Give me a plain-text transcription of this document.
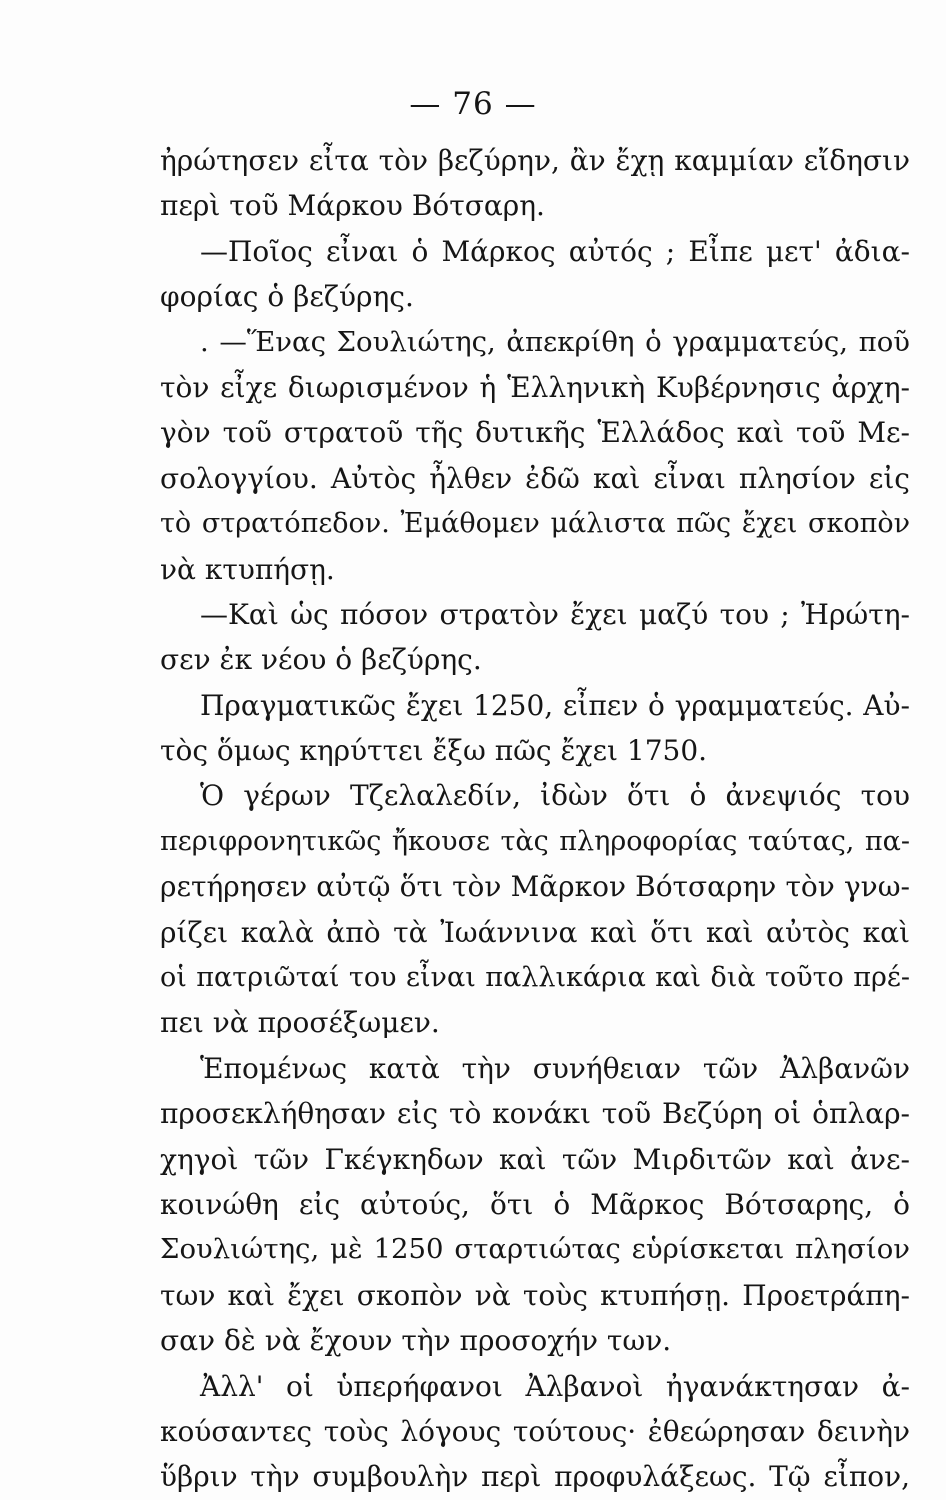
— 76 —
ἠρώτησεν εἶτα τὸν βεζύρην, ἂν ἔχῃ καμμίαν εἴδησιν
περὶ τοῦ Μάρκου Βότσαρη.
—Ποῖος εἶναι ὁ Μάρκος αὐτός ; Εἶπε μετ' ἀδια-
φορίας ὁ βεζύρης.
. —Ἕνας Σουλιώτης, ἀπεκρίθη ὁ γραμματεύς, ποῦ
τὸν εἶχε διωρισμένον ἡ Ἑλληνικὴ Κυβέρνησις ἀρχη-
γὸν τοῦ στρατοῦ τῆς δυτικῆς Ἑλλάδος καὶ τοῦ Με-
σολογγίου. Αὐτὸς ἦλθεν ἐδῶ καὶ εἶναι πλησίον εἰς
τὸ στρατόπεδον. Ἐμάθομεν μάλιστα πῶς ἔχει σκοπὸν
νὰ κτυπήσῃ.
—Καὶ ὡς πόσον στρατὸν ἔχει μαζύ του ; Ἠρώτη-
σεν ἐκ νέου ὁ βεζύρης.
Πραγματικῶς ἔχει 1250, εἶπεν ὁ γραμματεύς. Αὐ-
τὸς ὅμως κηρύττει ἔξω πῶς ἔχει 1750.
Ὁ γέρων Τζελαλεδίν, ἰδὼν ὅτι ὁ ἀνεψιός του
περιφρονητικῶς ἤκουσε τὰς πληροφορίας ταύτας, πα-
ρετήρησεν αὐτῷ ὅτι τὸν Μᾶρκον Βότσαρην τὸν γνω-
ρίζει καλὰ ἀπὸ τὰ Ἰωάννινα καὶ ὅτι καὶ αὐτὸς καὶ
οἱ πατριῶταί του εἶναι παλλικάρια καὶ διὰ τοῦτο πρέ-
πει νὰ προσέξωμεν.
Ἑπομένως κατὰ τὴν συνήθειαν τῶν Ἀλβανῶν
προσεκλήθησαν εἰς τὸ κονάκι τοῦ Βεζύρη οἱ ὁπλαρ-
χηγοὶ τῶν Γκέγκηδων καὶ τῶν Μιρδιτῶν καὶ ἀνε-
κοινώθη εἰς αὐτούς, ὅτι ὁ Μᾶρκος Βότσαρης, ὁ
Σουλιώτης, μὲ 1250 σταρτιώτας εὑρίσκεται πλησίον
των καὶ ἔχει σκοπὸν νὰ τοὺς κτυπήσῃ. Προετράπη-
σαν δὲ νὰ ἔχουν τὴν προσοχήν των.
Ἀλλ' οἱ ὑπερήφανοι Ἀλβανοὶ ἠγανάκτησαν ἀ-
κούσαντες τοὺς λόγους τούτους· ἐθεώρησαν δεινὴν
ὕβριν τὴν συμβουλὴν περὶ προφυλάξεως. Τῷ εἶπον,
